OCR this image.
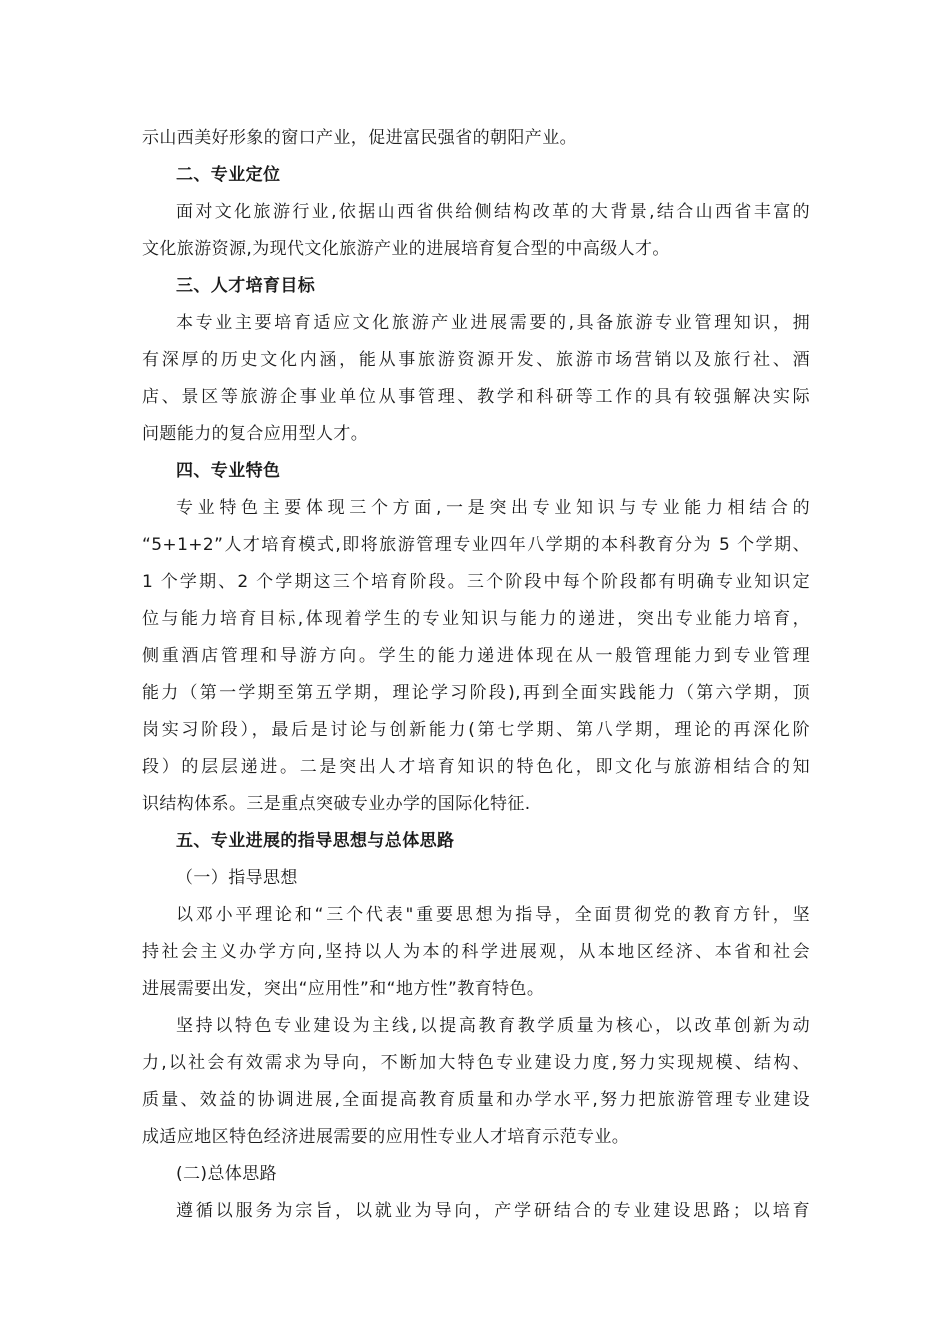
示山西美好形象的窗口产业，促进富民强省的朝阳产业。
二、专业定位
面对文化旅游行业,依据山西省供给侧结构改革的大背景,结合山西省丰富的
文化旅游资源,为现代文化旅游产业的进展培育复合型的中高级人才。
三、人才培育目标
本专业主要培育适应文化旅游产业进展需要的,具备旅游专业管理知识，拥
有深厚的历史文化内涵，能从事旅游资源开发、旅游市场营销以及旅行社、酒
店、景区等旅游企事业单位从事管理、教学和科研等工作的具有较强解决实际
问题能力的复合应用型人才。
四、专业特色
专业特色主要体现三个方面,一是突出专业知识与专业能力相结合的
“5+1+2”人才培育模式,即将旅游管理专业四年八学期的本科教育分为 5 个学期、
1 个学期、2 个学期这三个培育阶段。三个阶段中每个阶段都有明确专业知识定
位与能力培育目标,体现着学生的专业知识与能力的递进，突出专业能力培育，
侧重酒店管理和导游方向。学生的能力递进体现在从一般管理能力到专业管理
能力（第一学期至第五学期，理论学习阶段),再到全面实践能力（第六学期，顶
岗实习阶段），最后是讨论与创新能力(第七学期、第八学期，理论的再深化阶
段）的层层递进。二是突出人才培育知识的特色化，即文化与旅游相结合的知
识结构体系。三是重点突破专业办学的国际化特征.
五、专业进展的指导思想与总体思路
（一）指导思想
以邓小平理论和“三个代表"重要思想为指导，全面贯彻党的教育方针，坚
持社会主义办学方向,坚持以人为本的科学进展观，从本地区经济、本省和社会
进展需要出发，突出“应用性”和“地方性”教育特色。
坚持以特色专业建设为主线,以提高教育教学质量为核心，以改革创新为动
力,以社会有效需求为导向，不断加大特色专业建设力度,努力实现规模、结构、
质量、效益的协调进展,全面提高教育质量和办学水平,努力把旅游管理专业建设
成适应地区特色经济进展需要的应用性专业人才培育示范专业。
(二)总体思路
遵循以服务为宗旨，以就业为导向，产学研结合的专业建设思路；以培育
